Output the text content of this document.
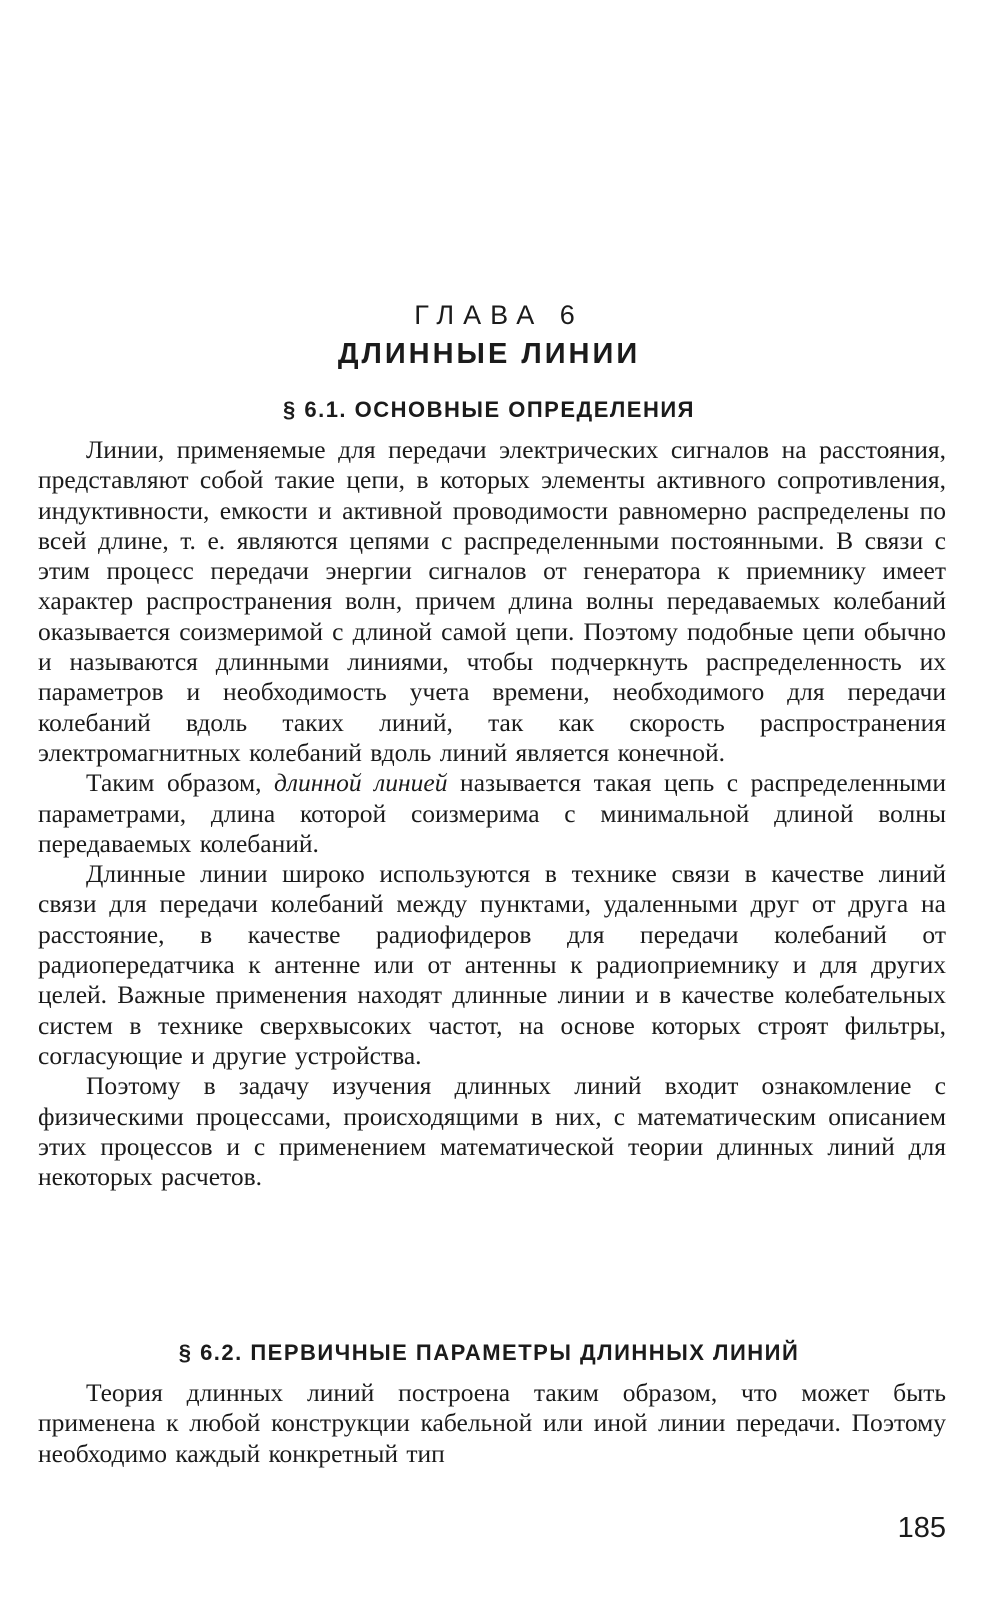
ГЛАВА 6
ДЛИННЫЕ ЛИНИИ
§ 6.1. ОСНОВНЫЕ ОПРЕДЕЛЕНИЯ

Линии, применяемые для передачи электрических сигналов на расстояния, представляют собой такие цепи, в которых элементы активного сопротивления, индуктивности, емкости и активной проводимости равномерно распределены по всей длине, т. е. являются цепями с распределенными постоянными. В связи с этим процесс передачи энергии сигналов от генератора к приемнику имеет характер распространения волн, причем длина волны передаваемых колебаний оказывается соизмеримой с длиной самой цепи. Поэтому подобные цепи обычно и называются длинными линиями, чтобы подчеркнуть распределенность их параметров и необходимость учета времени, необходимого для передачи колебаний вдоль таких линий, так как скорость распространения электромагнитных колебаний вдоль линий является конечной.

Таким образом, длинной линией называется такая цепь с распределенными параметрами, длина которой соизмерима с минимальной длиной волны передаваемых колебаний.

Длинные линии широко используются в технике связи в качестве линий связи для передачи колебаний между пунктами, удаленными друг от друга на расстояние, в качестве радиофидеров для передачи колебаний от радиопередатчика к антенне или от антенны к радиоприемнику и для других целей. Важные применения находят длинные линии и в качестве колебательных систем в технике сверхвысоких частот, на основе которых строят фильтры, согласующие и другие устройства.

Поэтому в задачу изучения длинных линий входит ознакомление с физическими процессами, происходящими в них, с математическим описанием этих процессов и с применением математической теории длинных линий для некоторых расчетов.

§ 6.2. ПЕРВИЧНЫЕ ПАРАМЕТРЫ ДЛИННЫХ ЛИНИЙ

Теория длинных линий построена таким образом, что может быть применена к любой конструкции кабельной или иной линии передачи. Поэтому необходимо каждый конкретный тип

185
